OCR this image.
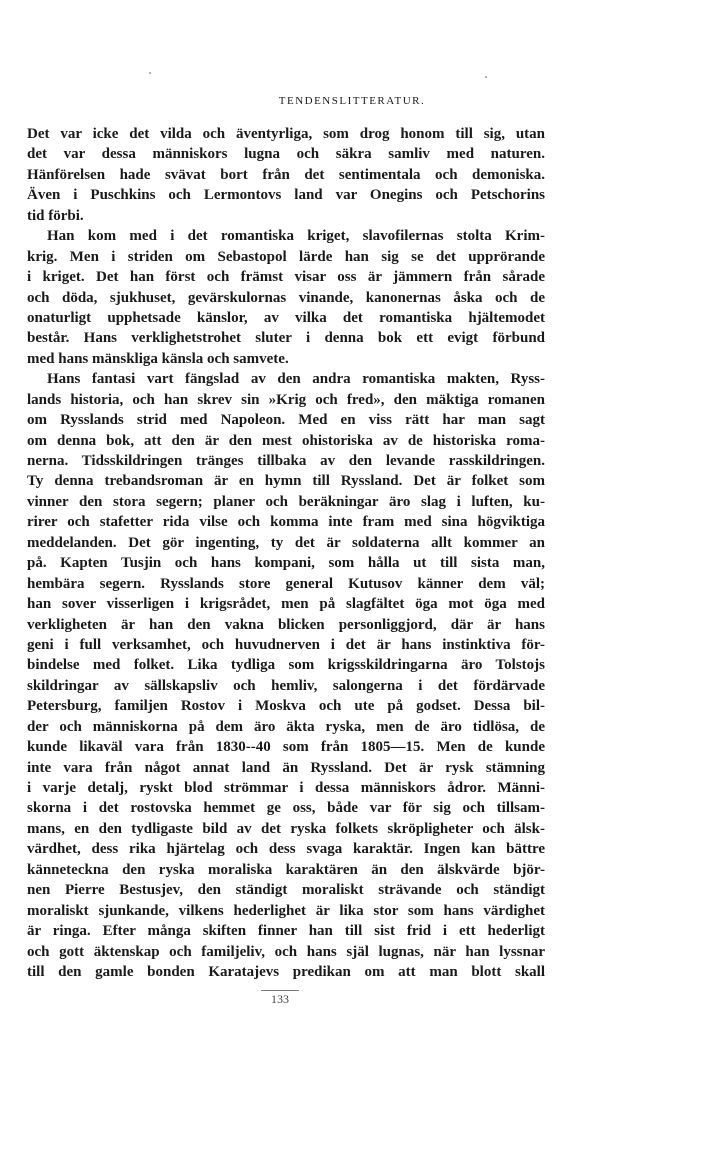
TENDENSLITTERATUR.
Det var icke det vilda och äventyrliga, som drog honom till sig, utan
det var dessa människors lugna och säkra samliv med naturen.
Hänförelsen hade svävat bort från det sentimentala och demoniska.
Även i Puschkins och Lermontovs land var Onegins och Petschorins
tid förbi.
Han kom med i det romantiska kriget, slavofilernas stolta Krim-
krig. Men i striden om Sebastopol lärde han sig se det upprörande
i kriget. Det han först och främst visar oss är jämmern från sårade
och döda, sjukhuset, gevärskulornas vinande, kanonernas åska och de
onaturligt upphetsade känslor, av vilka det romantiska hjältemodet
består. Hans verklighetstrohet sluter i denna bok ett evigt förbund
med hans mänskliga känsla och samvete.
Hans fantasi vart fängslad av den andra romantiska makten, Ryss-
lands historia, och han skrev sin »Krig och fred», den mäktiga romanen
om Rysslands strid med Napoleon. Med en viss rätt har man sagt
om denna bok, att den är den mest ohistoriska av de historiska roma-
nerna. Tidsskildringen tränges tillbaka av den levande rasskildringen.
Ty denna trebandsroman är en hymn till Ryssland. Det är folket som
vinner den stora segern; planer och beräkningar äro slag i luften, ku-
rirer och stafetter rida vilse och komma inte fram med sina högviktiga
meddelanden. Det gör ingenting, ty det är soldaterna allt kommer an
på. Kapten Tusjin och hans kompani, som hålla ut till sista man,
hembära segern. Rysslands store general Kutusov känner dem väl;
han sover visserligen i krigsrådet, men på slagfältet öga mot öga med
verkligheten är han den vakna blicken personliggjord, där är hans
geni i full verksamhet, och huvudnerven i det är hans instinktiva för-
bindelse med folket. Lika tydliga som krigsskildringarna äro Tolstojs
skildringar av sällskapsliv och hemliv, salongerna i det fördärvade
Petersburg, familjen Rostov i Moskva och ute på godset. Dessa bil-
der och människorna på dem äro äkta ryska, men de äro tidlösa, de
kunde likaväl vara från 1830--40 som från 1805—15. Men de kunde
inte vara från något annat land än Ryssland. Det är rysk stämning
i varje detalj, ryskt blod strömmar i dessa människors ådror. Männi-
skorna i det rostovska hemmet ge oss, både var för sig och tillsam-
mans, en den tydligaste bild av det ryska folkets skröpligheter och älsk-
värdhet, dess rika hjärtelag och dess svaga karaktär. Ingen kan bättre
känneteckna den ryska moraliska karaktären än den älskvärde björ-
nen Pierre Bestusjev, den ständigt moraliskt strävande och ständigt
moraliskt sjunkande, vilkens hederlighet är lika stor som hans värdighet
är ringa. Efter många skiften finner han till sist frid i ett hederligt
och gott äktenskap och familjeliv, och hans själ lugnas, när han lyssnar
till den gamle bonden Karatajevs predikan om att man blott skall
133
